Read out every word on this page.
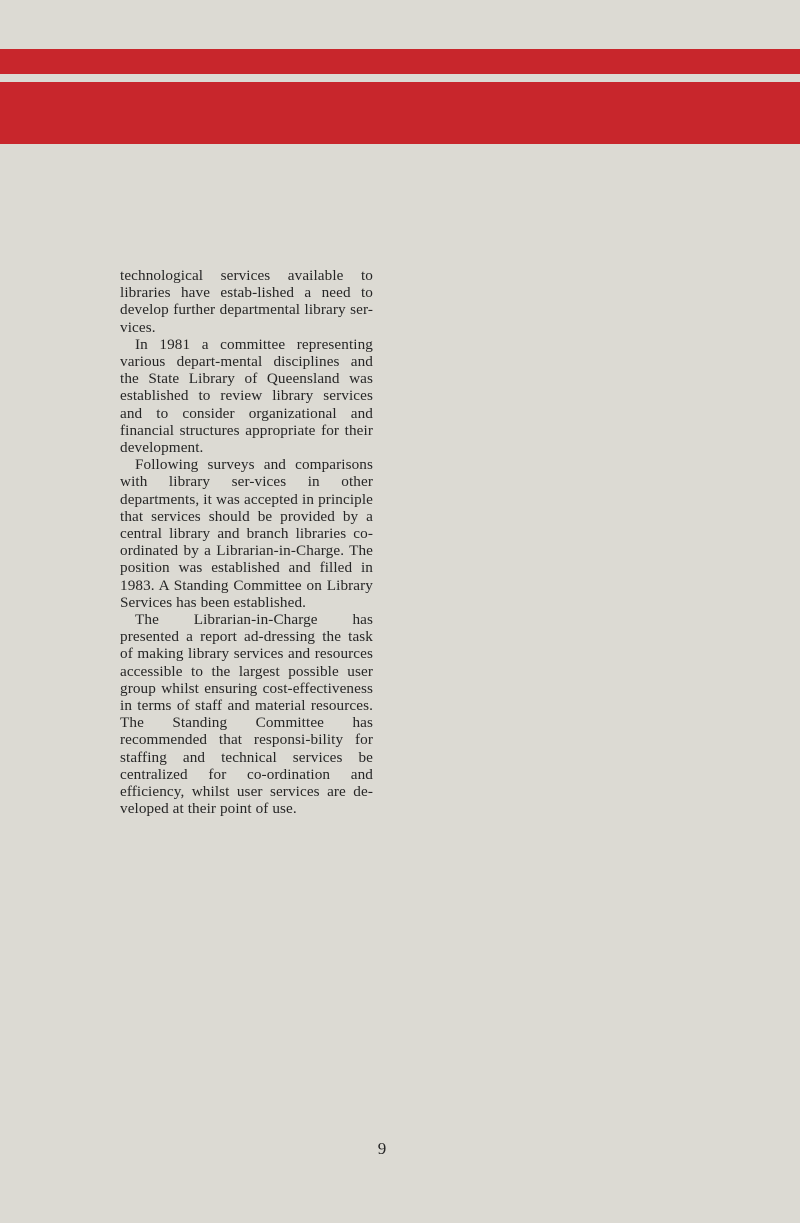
technological services available to libraries have estab-lished a need to develop further departmental library ser-vices.

In 1981 a committee representing various depart-mental disciplines and the State Library of Queensland was established to review library services and to consider organizational and financial structures appropriate for their development.

Following surveys and comparisons with library ser-vices in other departments, it was accepted in principle that services should be provided by a central library and branch libraries co-ordinated by a Librarian-in-Charge. The position was established and filled in 1983. A Standing Committee on Library Services has been established.

The Librarian-in-Charge has presented a report ad-dressing the task of making library services and resources accessible to the largest possible user group whilst ensuring cost-effectiveness in terms of staff and material resources. The Standing Committee has recommended that responsi-bility for staffing and technical services be centralized for co-ordination and efficiency, whilst user services are de-veloped at their point of use.

9
